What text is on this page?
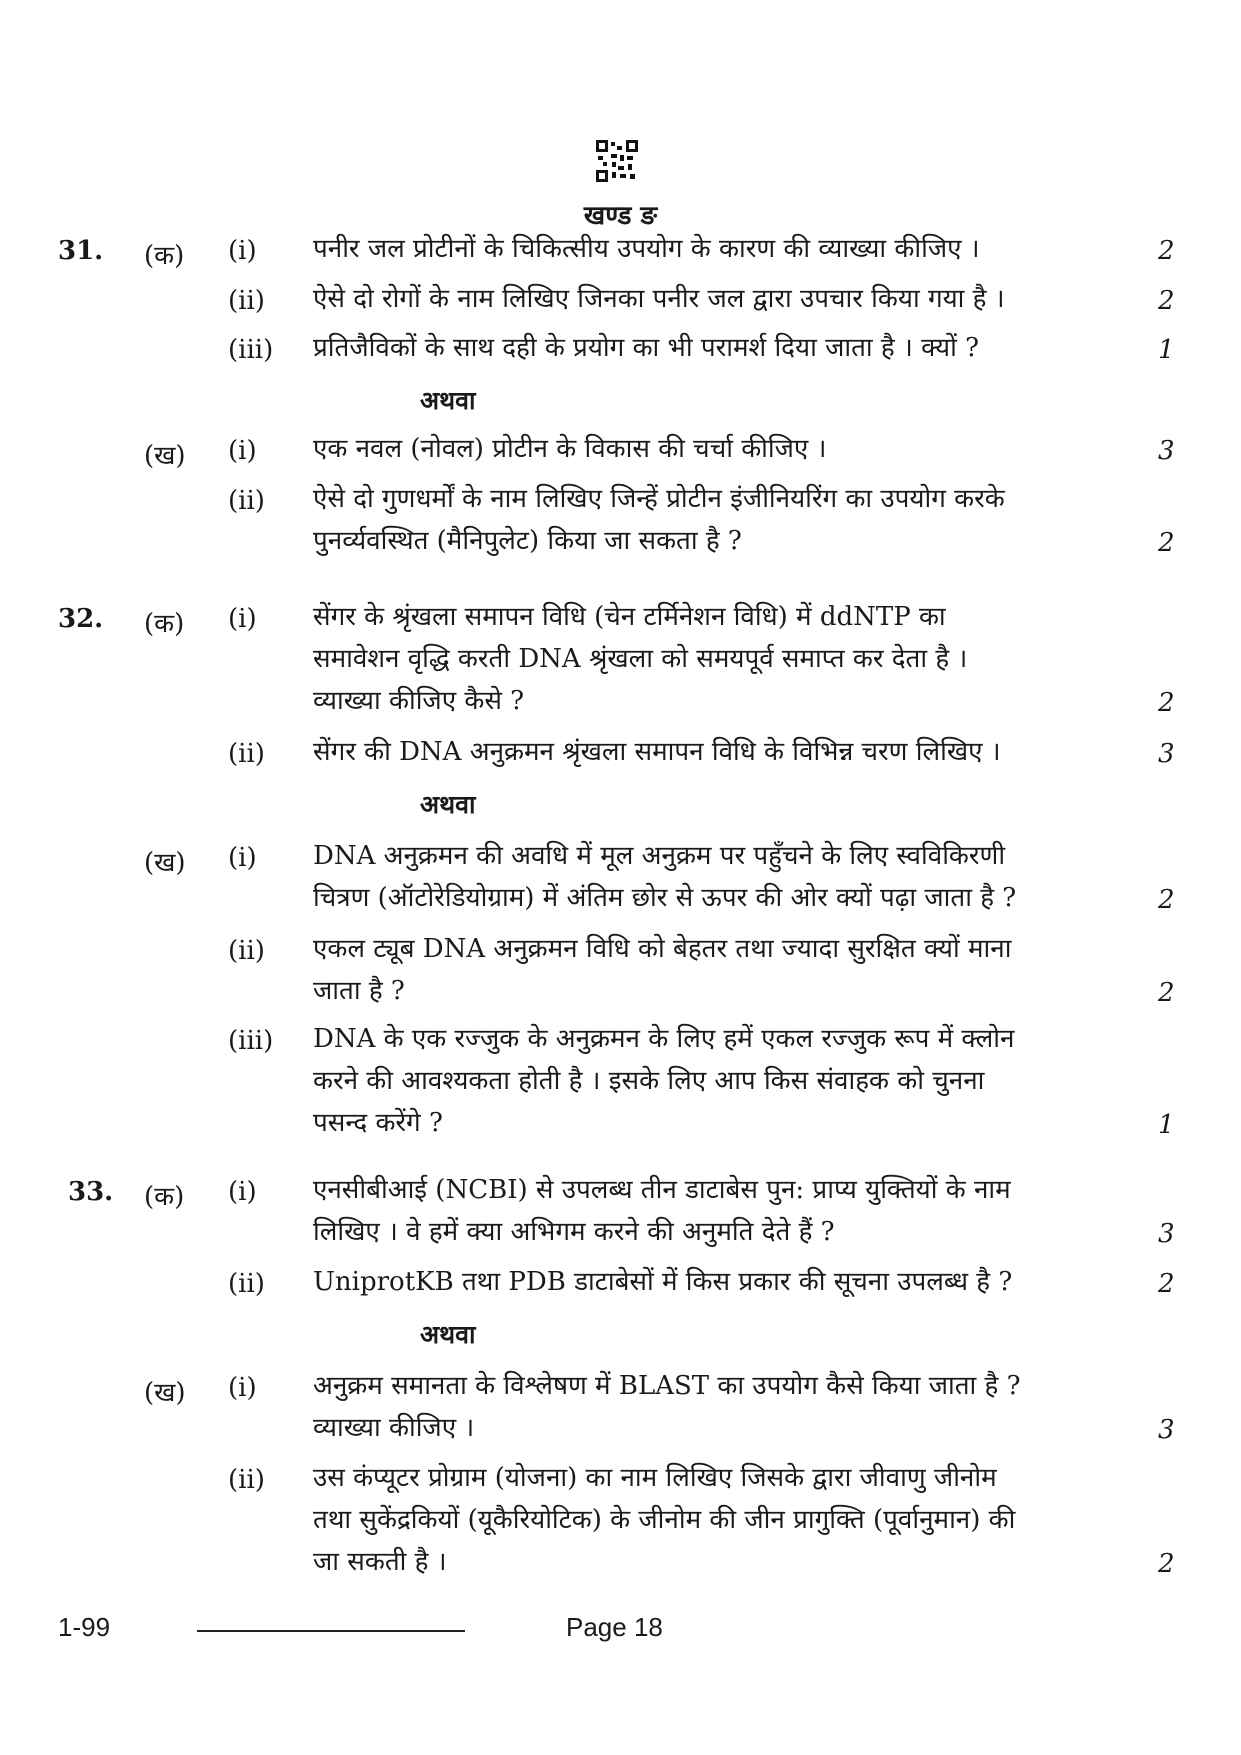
खण्ड ङ
31. (क) (i) पनीर जल प्रोटीनों के चिकित्सीय उपयोग के कारण की व्याख्या कीजिए ।	2
(ii) ऐसे दो रोगों के नाम लिखिए जिनका पनीर जल द्वारा उपचार किया गया है ।	2
(iii) प्रतिजैविकों के साथ दही के प्रयोग का भी परामर्श दिया जाता है । क्यों ?	1
अथवा
(ख) (i) एक नवल (नोवल) प्रोटीन के विकास की चर्चा कीजिए ।	3
(ii) ऐसे दो गुणधर्मों के नाम लिखिए जिन्हें प्रोटीन इंजीनियरिंग का उपयोग करके
पुनर्व्यवस्थित (मैनिपुलेट) किया जा सकता है ?	2
32. (क) (i) सेंगर के श्रृंखला समापन विधि (चेन टर्मिनेशन विधि) में ddNTP का
समावेशन वृद्धि करती DNA श्रृंखला को समयपूर्व समाप्त कर देता है ।
व्याख्या कीजिए कैसे ?	2
(ii) सेंगर की DNA अनुक्रमन श्रृंखला समापन विधि के विभिन्न चरण लिखिए ।	3
अथवा
(ख) (i) DNA अनुक्रमन की अवधि में मूल अनुक्रम पर पहुँचने के लिए स्वविकिरणी
चित्रण (ऑटोरेडियोग्राम) में अंतिम छोर से ऊपर की ओर क्यों पढ़ा जाता है ?	2
(ii) एकल ट्यूब DNA अनुक्रमन विधि को बेहतर तथा ज्यादा सुरक्षित क्यों माना
जाता है ?	2
(iii) DNA के एक रज्जुक के अनुक्रमन के लिए हमें एकल रज्जुक रूप में क्लोन
करने की आवश्यकता होती है । इसके लिए आप किस संवाहक को चुनना
पसन्द करेंगे ?	1
33. (क) (i) एनसीबीआई (NCBI) से उपलब्ध तीन डाटाबेस पुन: प्राप्य युक्तियों के नाम
लिखिए । वे हमें क्या अभिगम करने की अनुमति देते हैं ?	3
(ii) UniprotKB तथा PDB डाटाबेसों में किस प्रकार की सूचना उपलब्ध है ?	2
अथवा
(ख) (i) अनुक्रम समानता के विश्लेषण में BLAST का उपयोग कैसे किया जाता है ?
व्याख्या कीजिए ।	3
(ii) उस कंप्यूटर प्रोग्राम (योजना) का नाम लिखिए जिसके द्वारा जीवाणु जीनोम
तथा सुकेंद्रकियों (यूकैरियोटिक) के जीनोम की जीन प्रागुक्ति (पूर्वानुमान) की
जा सकती है ।	2
1-99	Page 18
